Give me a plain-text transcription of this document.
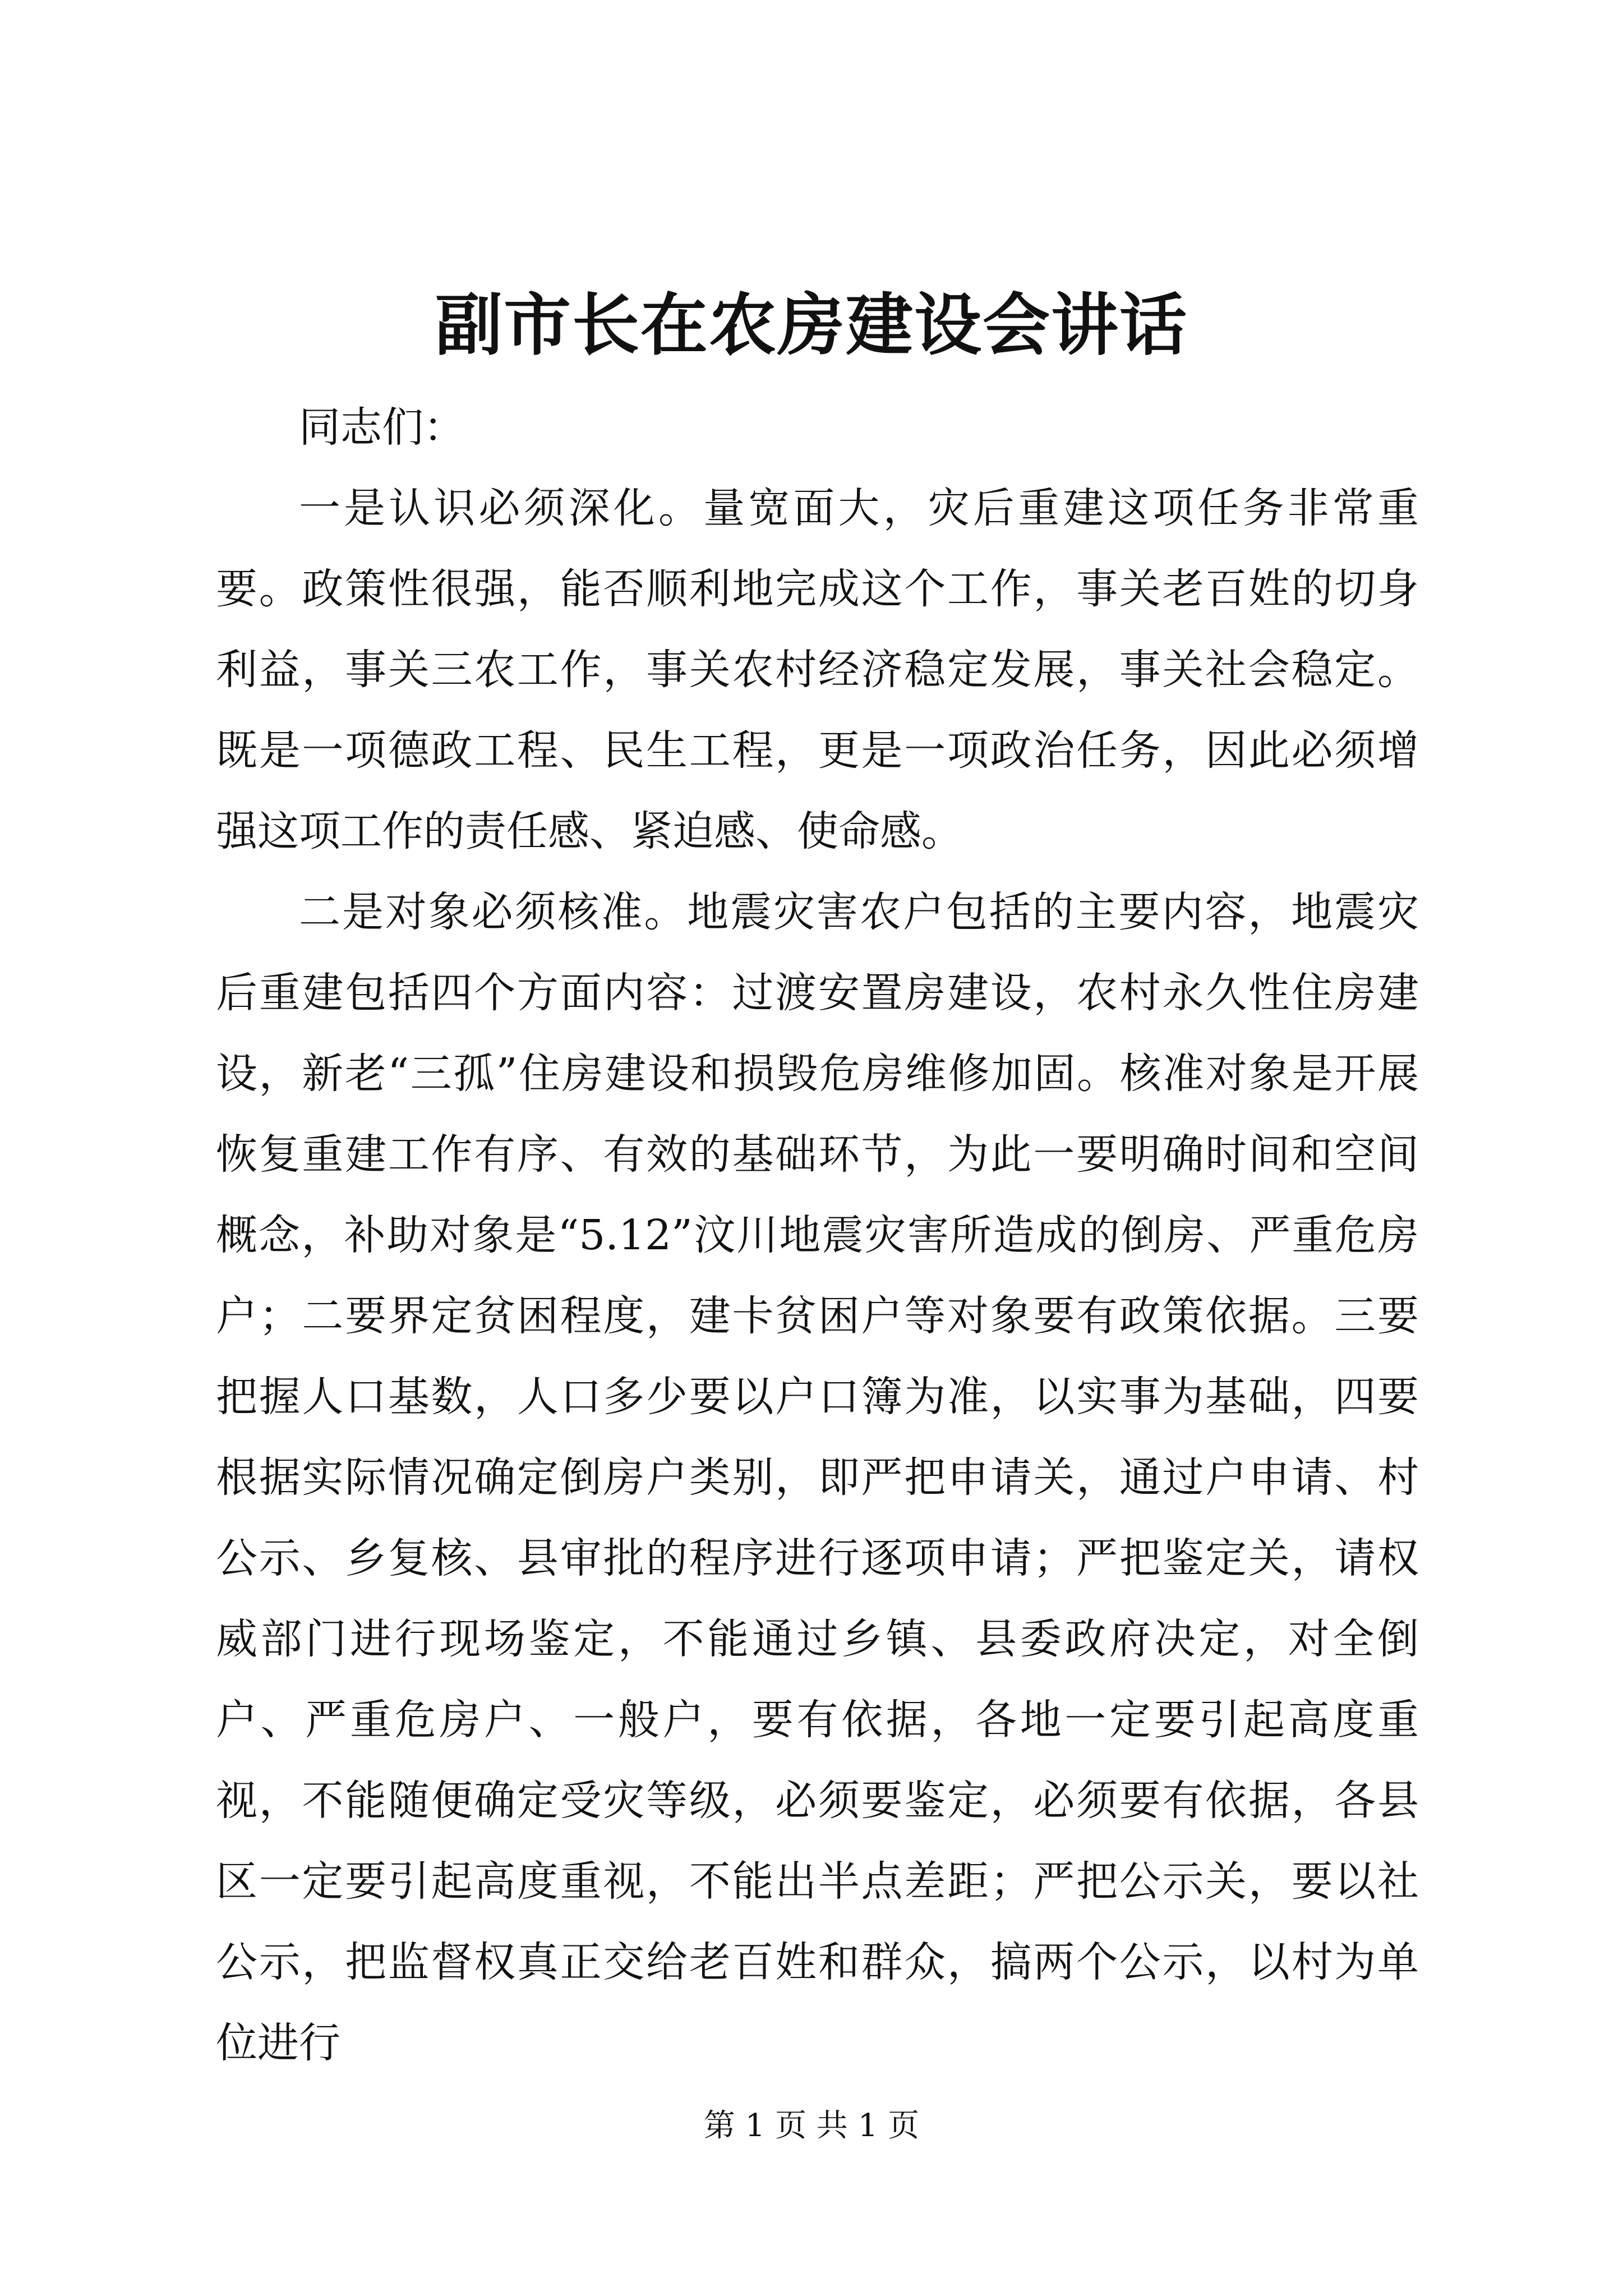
副市长在农房建设会讲话

同志们：

一是认识必须深化。量宽面大，灾后重建这项任务非常重要。政策性很强，能否顺利地完成这个工作，事关老百姓的切身利益，事关三农工作，事关农村经济稳定发展，事关社会稳定。既是一项德政工程、民生工程，更是一项政治任务，因此必须增强这项工作的责任感、紧迫感、使命感。

二是对象必须核准。地震灾害农户包括的主要内容，地震灾后重建包括四个方面内容：过渡安置房建设，农村永久性住房建设，新老“三孤”住房建设和损毁危房维修加固。核准对象是开展恢复重建工作有序、有效的基础环节，为此一要明确时间和空间概念，补助对象是“5.12”汶川地震灾害所造成的倒房、严重危房户；二要界定贫困程度，建卡贫困户等对象要有政策依据。三要把握人口基数，人口多少要以户口簿为准，以实事为基础，四要根据实际情况确定倒房户类别，即严把申请关，通过户申请、村公示、乡复核、县审批的程序进行逐项申请；严把鉴定关，请权威部门进行现场鉴定，不能通过乡镇、县委政府决定，对全倒户、严重危房户、一般户，要有依据，各地一定要引起高度重视，不能随便确定受灾等级，必须要鉴定，必须要有依据，各县区一定要引起高度重视，不能出半点差距；严把公示关，要以社公示，把监督权真正交给老百姓和群众，搞两个公示，以村为单位进行

第 1 页 共 1 页
